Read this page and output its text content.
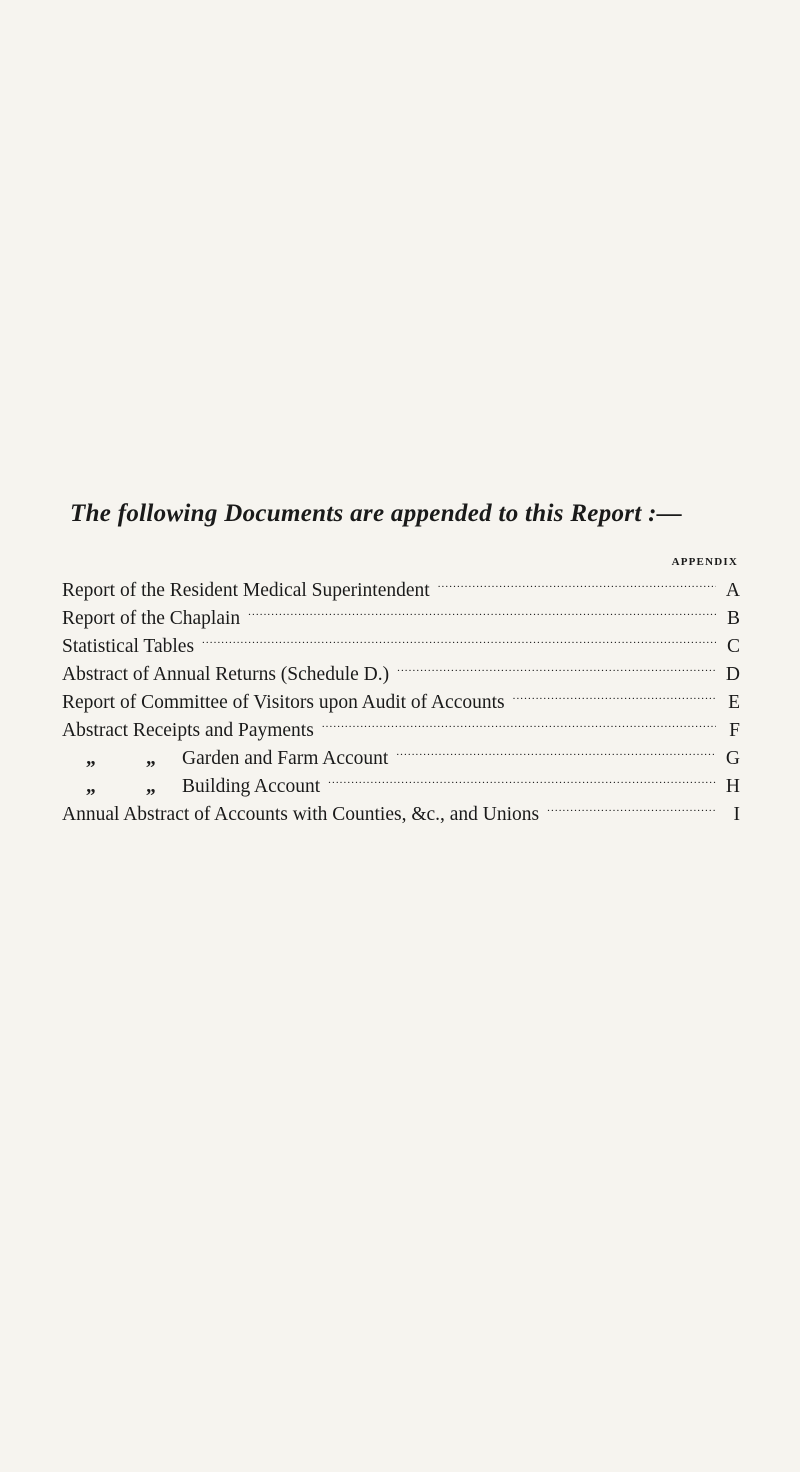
The following Documents are appended to this Report :—
APPENDIX
Report of the Resident Medical Superintendent .....	A
Report of the Chaplain .....	B
Statistical Tables .....	C
Abstract of Annual Returns (Schedule D.) .....	D
Report of Committee of Visitors upon Audit of Accounts .....	E
Abstract Receipts and Payments .....	F
„	„	Garden and Farm Account .....	G
„	„	Building Account .....	H
Annual Abstract of Accounts with Counties, &c., and Unions .....	I
